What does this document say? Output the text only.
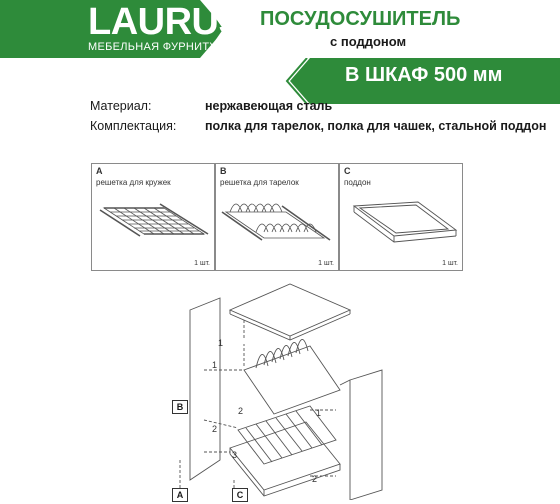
LAURUS
МЕБЕЛЬНАЯ ФУРНИТУРА
ПОСУДОСУШИТЕЛЬ
с поддоном
В ШКАФ 500 мм
Материал:	нержавеющая сталь
Комплектация: полка для тарелок, полка для чашек, стальной поддон
A
решетка для кружек
1 шт.
B
решетка для тарелок
1 шт.
C
поддон
1 шт.
1
1
1
2
2
3
2
B
A	C
